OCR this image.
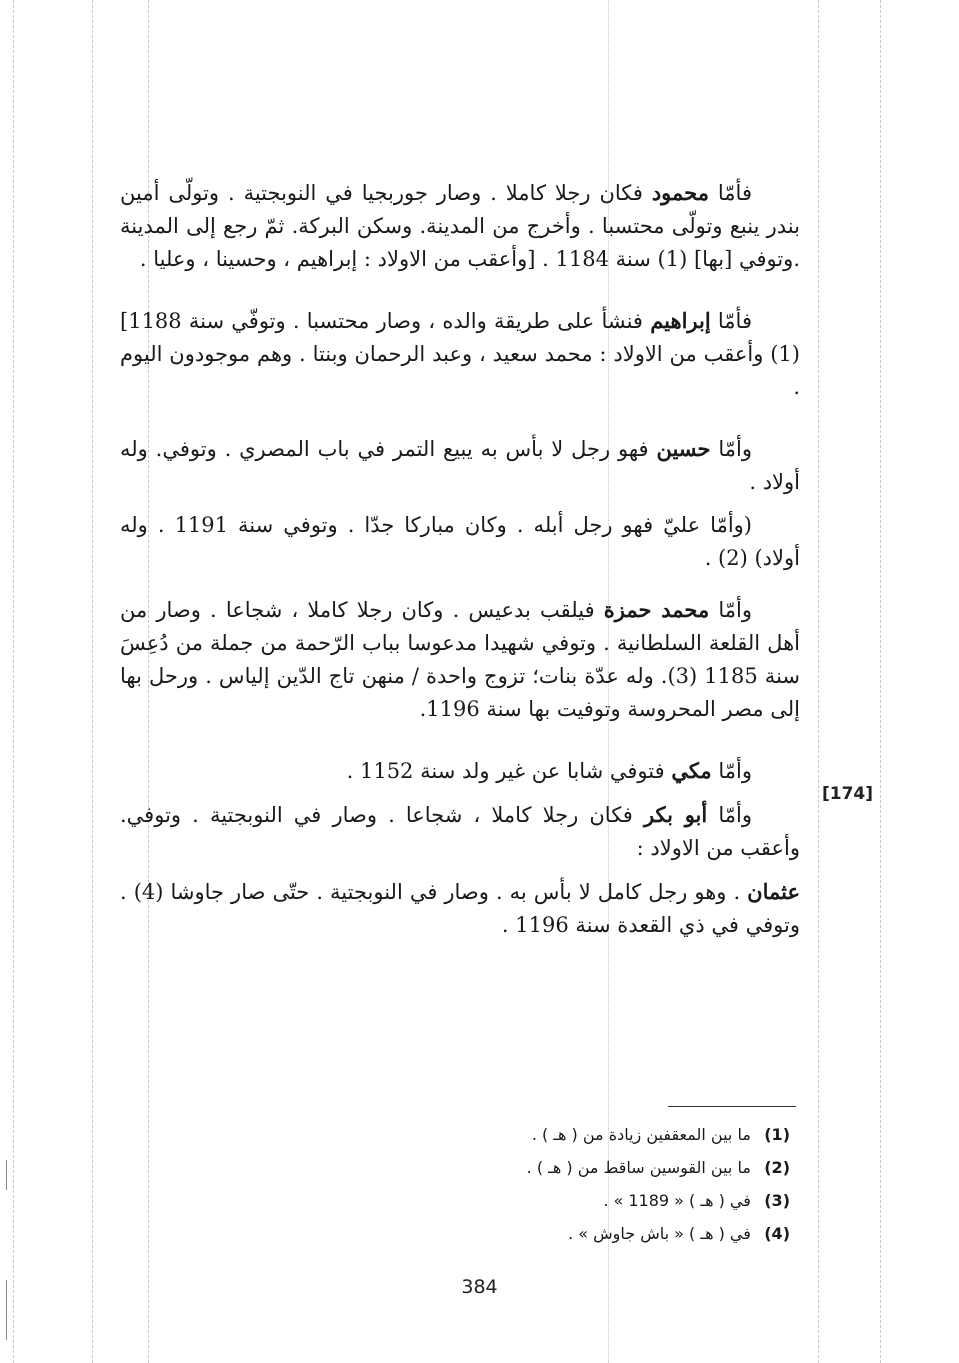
فأمّا محمود فكان رجلا كاملا . وصار جوربجيا في النوبجتية . وتولّى أمين بندر ينبع وتولّى محتسبا . وأخرج من المدينة. وسكن البركة. ثمّ رجع إلى المدينة .وتوفي [بها] (1) سنة 1184 . [وأعقب من الاولاد : إبراهيم ، وحسينا ، وعليا .

فأمّا إبراهيم فنشأ على طريقة والده ، وصار محتسبا . وتوفّي سنة 1188] (1) وأعقب من الاولاد : محمد سعيد ، وعبد الرحمان وبنتا . وهم موجودون اليوم .

وأمّا حسين فهو رجل لا بأس به يبيع التمر في باب المصري . وتوفي. وله أولاد .

(وأمّا عليّ فهو رجل أبله . وكان مباركا جدّا . وتوفي سنة 1191 . وله أولاد) (2) .

وأمّا محمد حمزة فيلقب بدعيس . وكان رجلا كاملا ، شجاعا . وصار من أهل القلعة السلطانية . وتوفي شهيدا مدعوسا بباب الرّحمة من جملة من دُعِسَ سنة 1185 (3). وله عدّة بنات؛ تزوج واحدة / منهن تاج الدّين إلياس . ورحل بها إلى مصر المحروسة وتوفيت بها سنة 1196.

وأمّا مكي فتوفي شابا عن غير ولد سنة 1152 .

وأمّا أبو بكر فكان رجلا كاملا ، شجاعا . وصار في النوبجتية . وتوفي. وأعقب من الاولاد :

عثمان . وهو رجل كامل لا بأس به . وصار في النوبجتية . حتّى صار جاوشا (4) . وتوفي في ذي القعدة سنة 1196 .

[174]
(1) ما بين المعقفين زيادة من ( هـ ) .
(2) ما بين القوسين ساقط من ( هـ ) .
(3) في ( هـ ) « 1189 » .
(4) في ( هـ ) « باش جاوش » .
384
